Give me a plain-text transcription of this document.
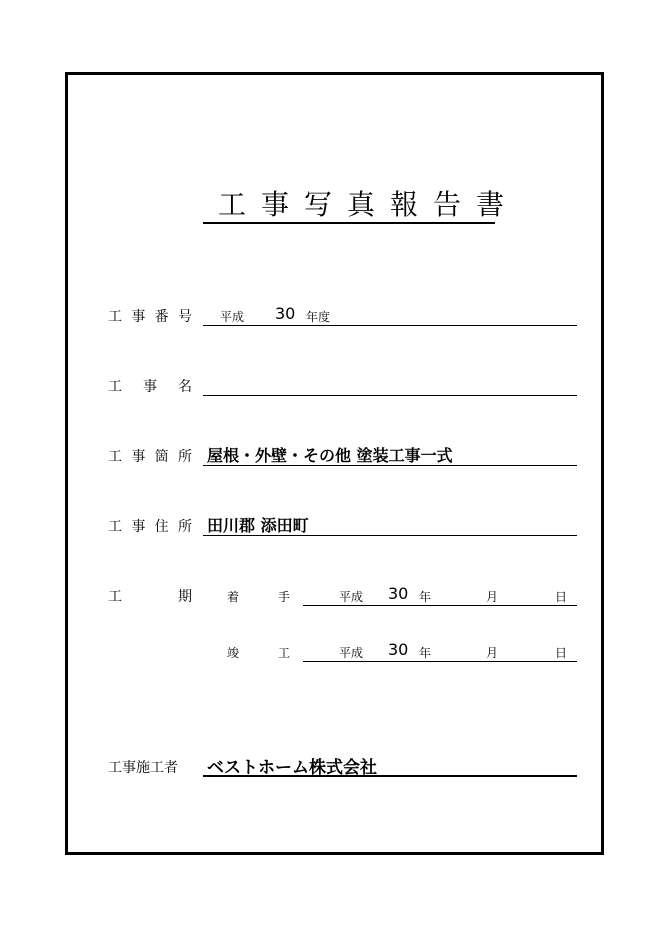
工事写真報告書
工 事 番 号 平成 30 年度
工 事 名
工 事 箇 所 屋根・外壁・その他 塗装工事一式
工 事 住 所 田川郡 添田町
工	期	着	手	平成 30 年	月	日
竣	工	平成 30 年	月	日
工事施工者 ベストホーム株式会社
